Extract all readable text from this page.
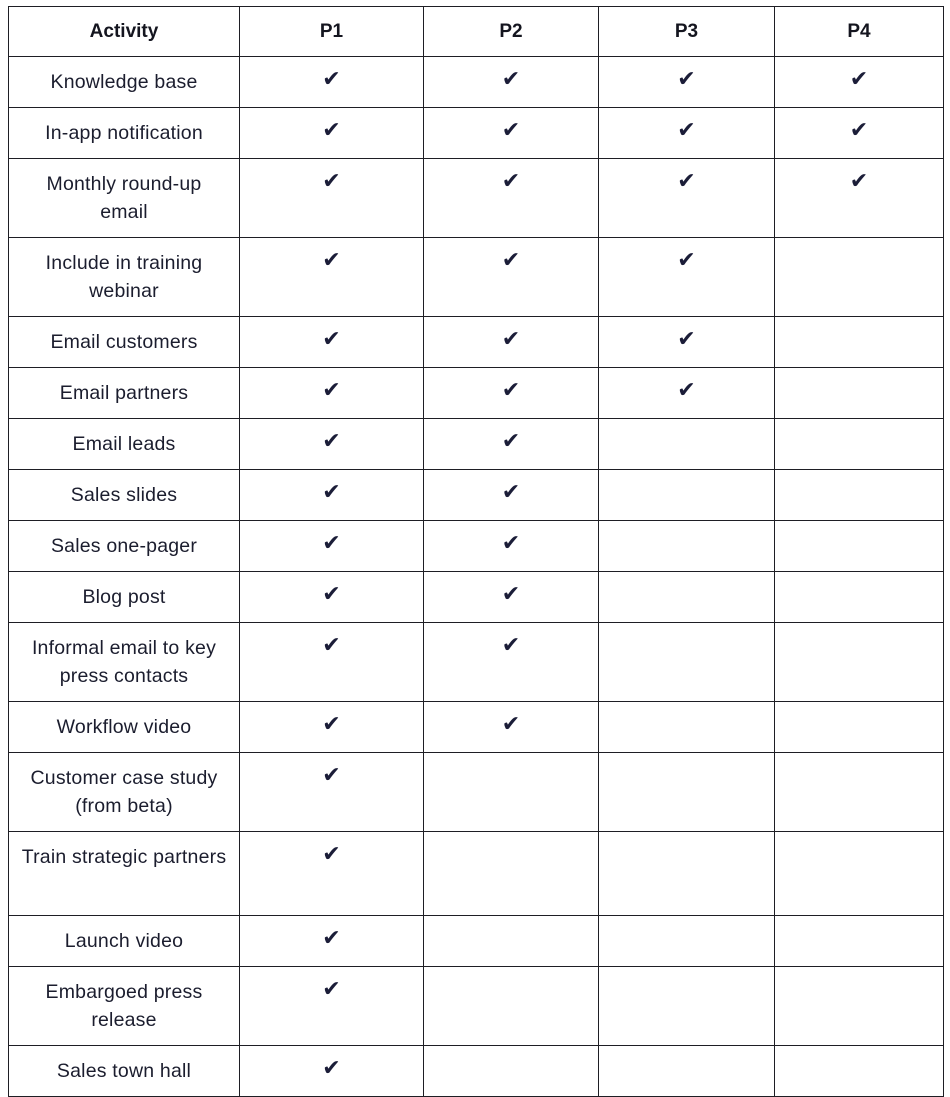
Activity	P1	P2	P3	P4
Knowledge base	✔	✔	✔	✔
In-app notification	✔	✔	✔	✔
Monthly round-up email	✔	✔	✔	✔
Include in training webinar	✔	✔	✔	
Email customers	✔	✔	✔	
Email partners	✔	✔	✔	
Email leads	✔	✔		
Sales slides	✔	✔		
Sales one-pager	✔	✔		
Blog post	✔	✔		
Informal email to key press contacts	✔	✔		
Workflow video	✔	✔		
Customer case study (from beta)	✔			
Train strategic partners	✔			
Launch video	✔			
Embargoed press release	✔			
Sales town hall	✔			
